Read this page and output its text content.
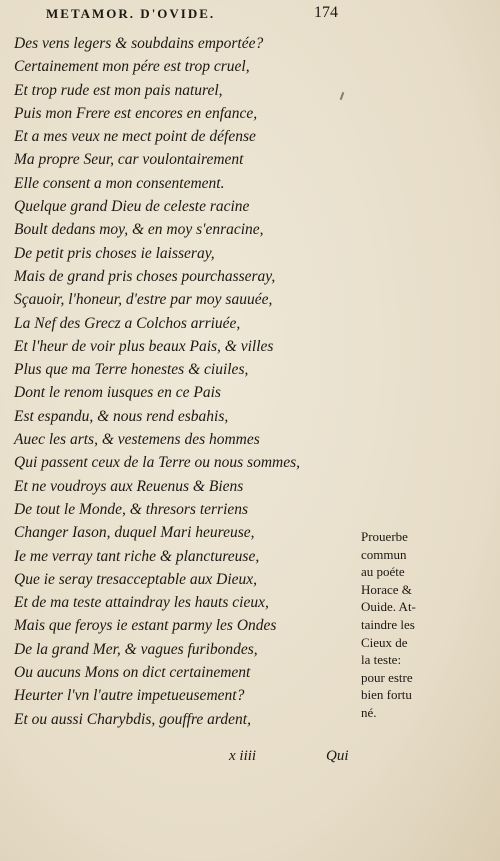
METAMOR. D'OVIDE.	174
Des vens legers & soubdains emportée?
Certainement mon pére est trop cruel,
Et trop rude est mon pais naturel,
Puis mon Frere est encores en enfance,
Et a mes veux ne mect point de défense
Ma propre Seur, car voulontairement
Elle consent a mon consentement.
Quelque grand Dieu de celeste racine
Boult dedans moy, & en moy s'enracine,
De petit pris choses ie laisseray,
Mais de grand pris choses pourchasseray,
Sçauoir, l'honeur, d'estre par moy sauuée,
La Nef des Grecz a Colchos arriuée,
Et l'heur de voir plus beaux Pais, & villes
Plus que ma Terre honestes & ciuiles,
Dont le renom iusques en ce Pais
Est espandu, & nous rend esbahis,
Auec les arts, & vestemens des hommes
Qui passent ceux de la Terre ou nous sommes,
Et ne voudroys aux Reuenus & Biens
De tout le Monde, & thresors terriens
Changer Iason, duquel Mari heureuse,
Ie me verray tant riche & planctureuse,
Que ie seray tresacceptable aux Dieux,
Et de ma teste attaindray les hauts cieux,
Mais que feroys ie estant parmy les Ondes
De la grand Mer, & vagues furibondes,
Ou aucuns Mons on dict certainement
Heurter l'vn l'autre impetueusement?
Et ou aussi Charybdis, gouffre ardent,
Prouerbe
commun
au poéte
Horace &
Ouide. At-
taindre les
Cieux de
la teste:
pour estre
bien fortu
né.
x iiii	Qui
